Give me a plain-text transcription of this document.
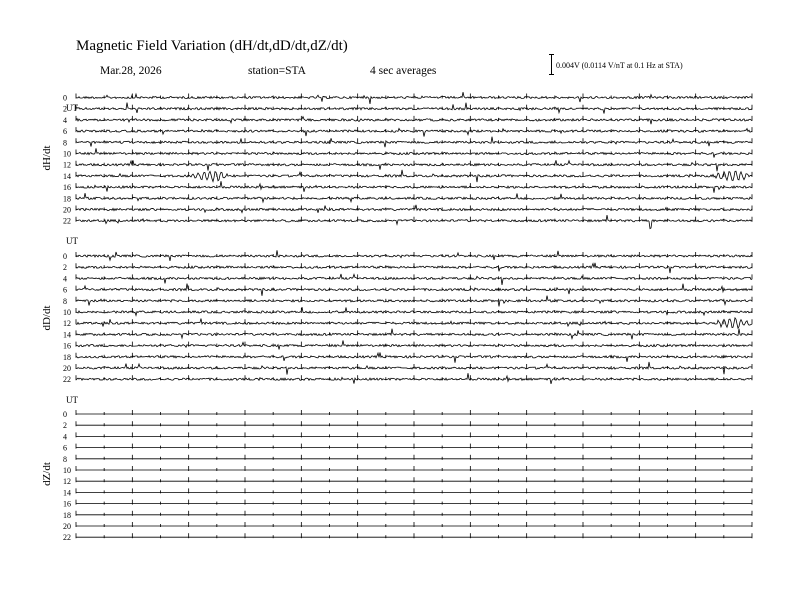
Magnetic Field Variation (dH/dt,dD/dt,dZ/dt)
Mar.28, 2026	station=STA	4 sec averages	0.004V (0.0114 V/nT at 0.1 Hz at STA)
UT
dH/dt
0
2
4
6
8
10
12
14
16
18
20
22
UT
dD/dt
0
2
4
6
8
10
12
14
16
18
20
22
UT
dZ/dt
0
2
4
6
8
10
12
14
16
18
20
22
